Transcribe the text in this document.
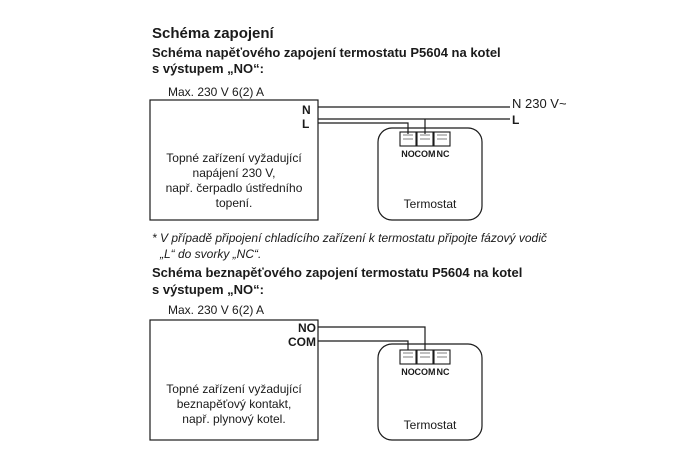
Schéma zapojení
Schéma napěťového zapojení termostatu P5604 na kotel
s výstupem „NO“:
Max. 230 V 6(2) A
* V případě připojení chladícího zařízení k termostatu připojte fázový vodič
„L“ do svorky „NC“.
Schéma beznapěťového zapojení termostatu P5604 na kotel
s výstupem „NO“:
Max. 230 V 6(2) A
N
L
Topné zařízení vyžadující
napájení 230 V,
např. čerpadlo ústředního
topení.
N 230 V~
L
NO COM NC
Termostat
NO
COM
Topné zařízení vyžadující
beznapěťový kontakt,
např. plynový kotel.
NO COM NC
Termostat
